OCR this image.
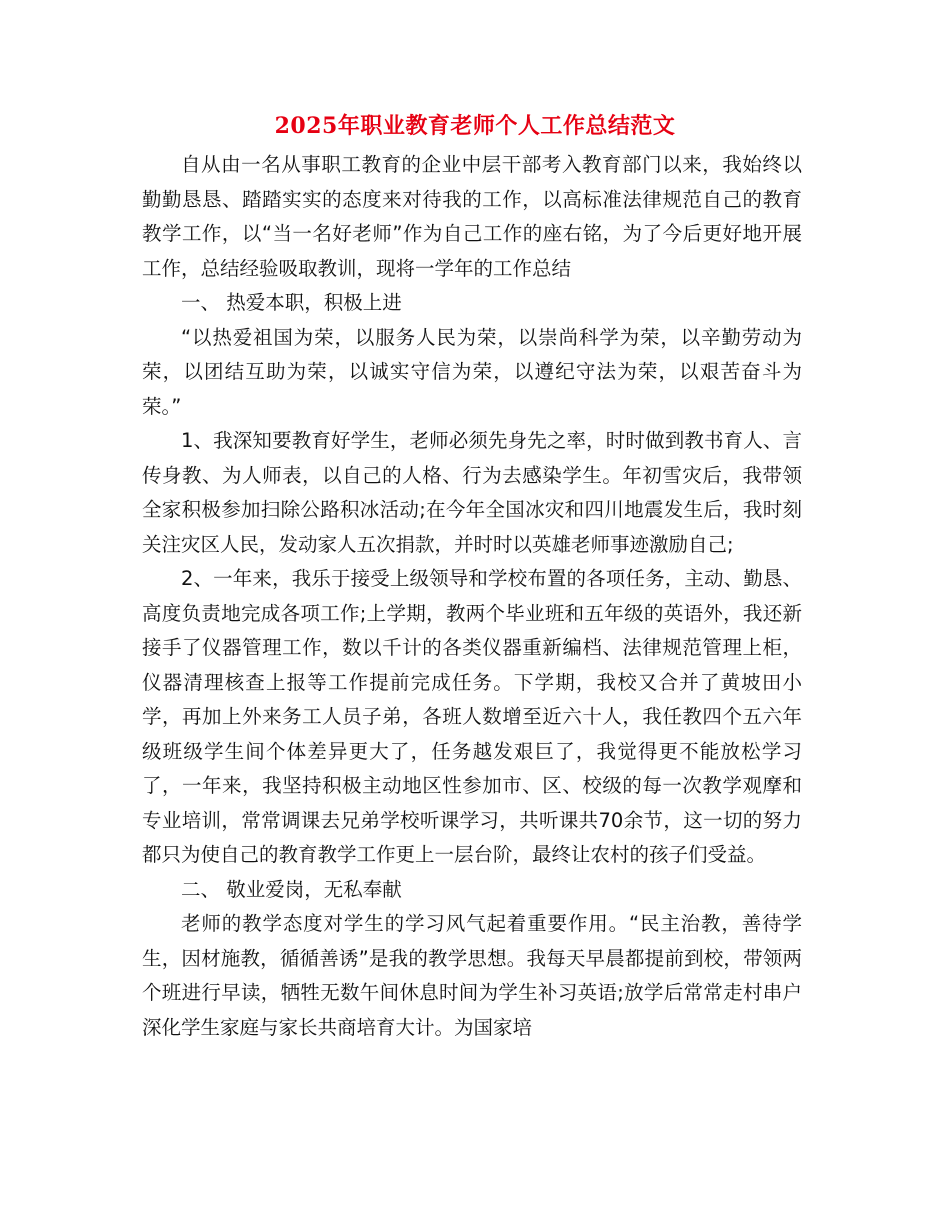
2025年职业教育老师个人工作总结范文

自从由一名从事职工教育的企业中层干部考入教育部门以来，我始终以勤勤恳恳、踏踏实实的态度来对待我的工作，以高标准法律规范自己的教育教学工作，以“当一名好老师”作为自己工作的座右铭，为了今后更好地开展工作，总结经验吸取教训，现将一学年的工作总结

一、 热爱本职，积极上进

“以热爱祖国为荣，以服务人民为荣，以崇尚科学为荣，以辛勤劳动为荣，以团结互助为荣，以诚实守信为荣，以遵纪守法为荣，以艰苦奋斗为荣。”

1、我深知要教育好学生，老师必须先身先之率，时时做到教书育人、言传身教、为人师表，以自己的人格、行为去感染学生。年初雪灾后，我带领全家积极参加扫除公路积冰活动;在今年全国冰灾和四川地震发生后，我时刻关注灾区人民，发动家人五次捐款，并时时以英雄老师事迹激励自己;

2、一年来，我乐于接受上级领导和学校布置的各项任务，主动、勤恳、高度负责地完成各项工作;上学期，教两个毕业班和五年级的英语外，我还新接手了仪器管理工作，数以千计的各类仪器重新编档、法律规范管理上柜，仪器清理核查上报等工作提前完成任务。下学期，我校又合并了黄坡田小学，再加上外来务工人员子弟，各班人数增至近六十人，我任教四个五六年级班级学生间个体差异更大了，任务越发艰巨了，我觉得更不能放松学习了，一年来，我坚持积极主动地区性参加市、区、校级的每一次教学观摩和专业培训，常常调课去兄弟学校听课学习，共听课共70余节，这一切的努力都只为使自己的教育教学工作更上一层台阶，最终让农村的孩子们受益。

二、 敬业爱岗，无私奉献

老师的教学态度对学生的学习风气起着重要作用。“民主治教，善待学生，因材施教，循循善诱”是我的教学思想。我每天早晨都提前到校，带领两个班进行早读，牺牲无数午间休息时间为学生补习英语;放学后常常走村串户深化学生家庭与家长共商培育大计。为国家培
